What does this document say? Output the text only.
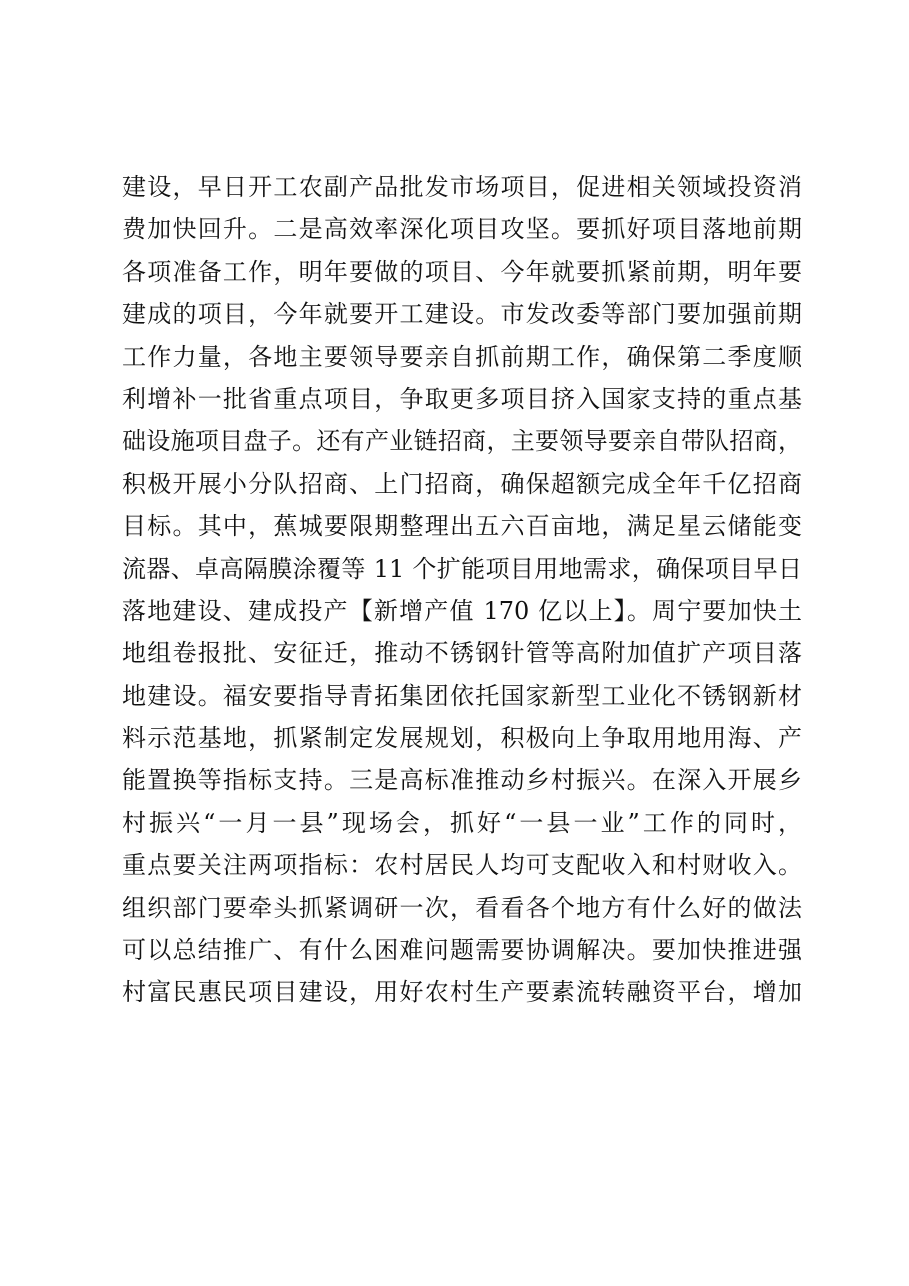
建设，早日开工农副产品批发市场项目，促进相关领域投资消
费加快回升。二是高效率深化项目攻坚。要抓好项目落地前期
各项准备工作，明年要做的项目、今年就要抓紧前期，明年要
建成的项目，今年就要开工建设。市发改委等部门要加强前期
工作力量，各地主要领导要亲自抓前期工作，确保第二季度顺
利增补一批省重点项目，争取更多项目挤入国家支持的重点基
础设施项目盘子。还有产业链招商，主要领导要亲自带队招商，
积极开展小分队招商、上门招商，确保超额完成全年千亿招商
目标。其中，蕉城要限期整理出五六百亩地，满足星云储能变
流器、卓高隔膜涂覆等 11 个扩能项目用地需求，确保项目早日
落地建设、建成投产【新增产值 170 亿以上】。周宁要加快土
地组卷报批、安征迁，推动不锈钢针管等高附加值扩产项目落
地建设。福安要指导青拓集团依托国家新型工业化不锈钢新材
料示范基地，抓紧制定发展规划，积极向上争取用地用海、产
能置换等指标支持。三是高标准推动乡村振兴。在深入开展乡
村振兴“一月一县”现场会，抓好“一县一业”工作的同时，
重点要关注两项指标：农村居民人均可支配收入和村财收入。
组织部门要牵头抓紧调研一次，看看各个地方有什么好的做法
可以总结推广、有什么困难问题需要协调解决。要加快推进强
村富民惠民项目建设，用好农村生产要素流转融资平台，增加
